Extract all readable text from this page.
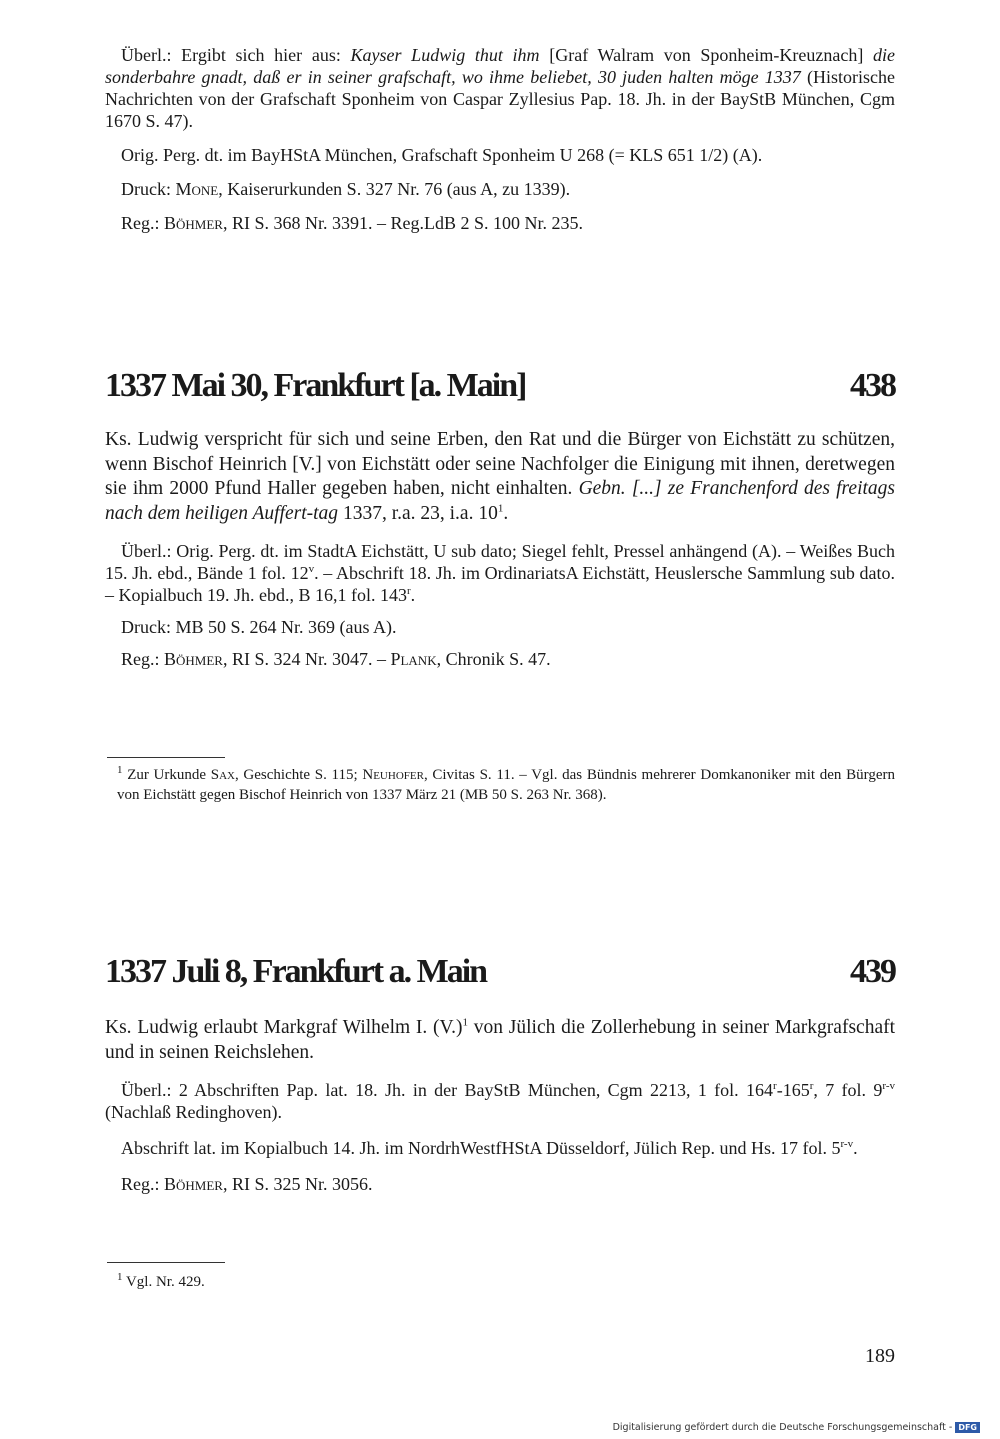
Überl.: Ergibt sich hier aus: Kayser Ludwig thut ihm [Graf Walram von Sponheim-Kreuznach] die sonderbahre gnadt, daß er in seiner grafschaft, wo ihme beliebet, 30 juden halten möge 1337 (Historische Nachrichten von der Grafschaft Sponheim von Caspar Zyllesius Pap. 18. Jh. in der BayStB München, Cgm 1670 S. 47).

Orig. Perg. dt. im BayHStA München, Grafschaft Sponheim U 268 (= KLS 651 1/2) (A).

Druck: Mone, Kaiserurkunden S. 327 Nr. 76 (aus A, zu 1339).

Reg.: Böhmer, RI S. 368 Nr. 3391. – Reg.LdB 2 S. 100 Nr. 235.

1337 Mai 30, Frankfurt [a. Main]	438

Ks. Ludwig verspricht für sich und seine Erben, den Rat und die Bürger von Eichstätt zu schützen, wenn Bischof Heinrich [V.] von Eichstätt oder seine Nachfolger die Einigung mit ihnen, deretwegen sie ihm 2000 Pfund Haller gegeben haben, nicht einhalten. Gebn. [...] ze Franchenford des freitags nach dem heiligen Auffert-tag 1337, r.a. 23, i.a. $10^1$.

Überl.: Orig. Perg. dt. im StadtA Eichstätt, U sub dato; Siegel fehlt, Pressel anhängend (A). – Weißes Buch 15. Jh. ebd., Bände 1 fol. 12$^v$. – Abschrift 18. Jh. im OrdinariatsA Eichstätt, Heuslersche Sammlung sub dato. – Kopialbuch 19. Jh. ebd., B 16,1 fol. 143$^r$.

Druck: MB 50 S. 264 Nr. 369 (aus A).

Reg.: Böhmer, RI S. 324 Nr. 3047. – Plank, Chronik S. 47.

$^1$ Zur Urkunde Sax, Geschichte S. 115; Neuhofer, Civitas S. 11. – Vgl. das Bündnis mehrerer Domkanoniker mit den Bürgern von Eichstätt gegen Bischof Heinrich von 1337 März 21 (MB 50 S. 263 Nr. 368).

1337 Juli 8, Frankfurt a. Main	439

Ks. Ludwig erlaubt Markgraf Wilhelm I. $(V.)^1$ von Jülich die Zollerhebung in seiner Markgrafschaft und in seinen Reichslehen.

Überl.: 2 Abschriften Pap. lat. 18. Jh. in der BayStB München, Cgm 2213, 1 fol. 164$^r$-165$^r$, 7 fol. 9$^{r-v}$ (Nachlaß Redinghoven).

Abschrift lat. im Kopialbuch 14. Jh. im NordrhWestfHStA Düsseldorf, Jülich Rep. und Hs. 17 fol. 5$^{r-v}$.

Reg.: Böhmer, RI S. 325 Nr. 3056.

$^1$ Vgl. Nr. 429.

189
Digitalisierung gefördert durch die Deutsche Forschungsgemeinschaft - DFG
